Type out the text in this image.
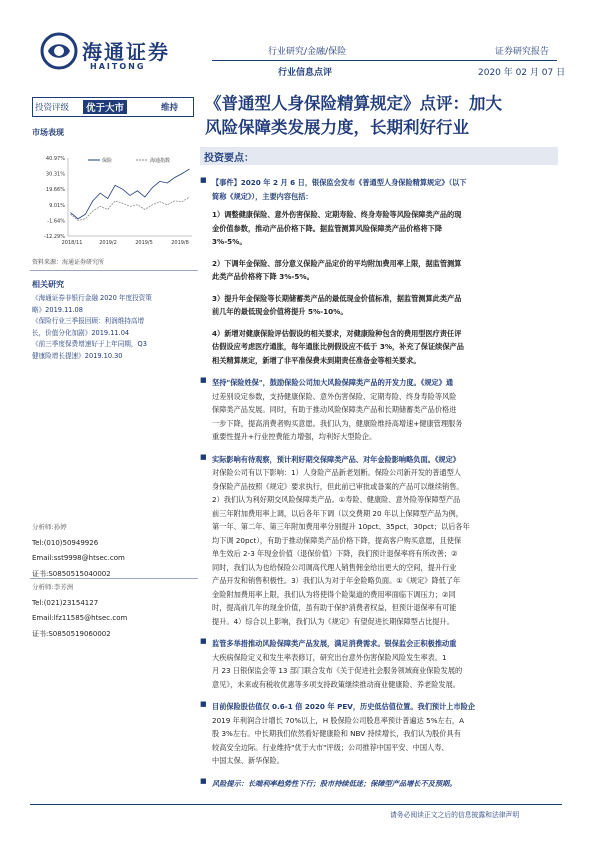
海通证券
HAITONG
行业研究/金融/保险	证券研究报告
行业信息点评	2020 年 02 月 07 日
投资评级	优于大市	维持 《普通型人身保险精算规定》点评：加大
风险保障类发展力度，长期利好行业
市场表现
40.97%
30.31%
19.66%
9.01%
-1.64%
-12.29%
2018/11	2019/2	2019/5	2019/8
保险	海通指数
资料来源：海通证券研究所
相关研究
《海通证券非银行金融 2020 年度投资策
略》2019.11.08
《保险行业三季报回顾：利润维持高增
长，价值分化加剧》2019.11.04
《前三季度保费增速好于上年同期，Q3
健康险增长提速》2019.10.30
分析师:孙婷
Tel:(010)50949926
Email:sst9998@htsec.com
证书:S0850515040002
分析师:李芳洲
Tel:(021)23154127
Email:lfz11585@htsec.com
证书:S0850519060002
投资要点：
■ 【事件】2020 年 2 月 6 日，银保监会发布《普通型人身保险精算规定》（以下
简称《规定》），主要内容包括：
1）调整健康保险、意外伤害保险、定期寿险、终身寿险等风险保障类产品的现
金价值参数，推动产品价格下降。据监管测算风险保障类产品价格将下降
3%-5%。
2）下调年金保险、部分意义保险产品定价的平均附加费用率上限，据监管测算
此类产品价格将下降 3%-5%。
3）提升年金保险等长期储蓄类产品的最低现金价值标准，据监管测算此类产品
前几年的最低现金价值将提升 5%-10%。
4）新增对健康保险评估假设的相关要求，对健康险种包含的费用型医疗责任评
估假设应考虑医疗通胀，每年通胀比例假设应不低于 3%，补充了保证续保产品
相关精算规定，新增了非平准保费未到期责任准备金等相关要求。
■ 坚持"保险姓保"，鼓励保险公司加大风险保障类产品的开发力度。《规定》通
过差别设定参数，支持健康保险、意外伤害保险、定期寿险、终身寿险等风险
保障类产品发展。同时，有助于推动风险保障类产品和长期储蓄类产品价格进
一步下降，提高消费者购买意愿。我们认为，健康险维持高增速+健康管理服务
重要性提升+行业控费能力增强，均利好大型险企。
■ 实际影响有待观察，预计利好期交保障类产品、对年金险影响略负面。《规定》
对保险公司有以下影响：1）人身险产品新老划断。保险公司新开发的普通型人
身保险产品按照《规定》要求执行，但此前已审批或备案的产品可以继续销售。
2）我们认为利好期交风险保障类产品。①寿险、健康险、意外险等保障型产品
前三年附加费用率上调，以后各年下调（以交费期 20 年以上保障型产品为例，
第一年、第二年、第三年附加费用率分别提升 10pct、35pct、30pct；以后各年
均下调 20pct），有助于推动保障类产品价格下降，提高客户购买意愿，且使保
单生效后 2-3 年现金价值（退保价值）下降，我们预计退保率将有所改善；②
同时，我们认为也给保险公司调高代理人销售佣金给出更大的空间，提升行业
产品开发和销售积极性。3）我们认为对于年金险略负面。①《规定》降低了年
金险附加费用率上限，我们认为将使得个险渠道的费用率面临下调压力；②同
时，提高前几年的现金价值，虽有助于保护消费者权益，但预计退保率有可能
提升。4）综合以上影响，我们认为《规定》有望促进长期保障型占比提升。
■ 监管多举措推动风险保障类产品发展，满足消费需求。银保监会正积极推动重
大疾病保险定义和发生率表修订，研究出台意外伤害保险风险发生率表。1
月 23 日银保监会等 13 部门联合发布《关于促进社会服务领域商业保险发展的
意见》，未来或有税收优惠等多项支持政策继续推动商业健康险、养老险发展。
■ 目前保险股估值仅 0.6-1 倍 2020 年 PEV，历史低估值位置。我们预计上市险企
2019 年利润合计增长 70%以上，H 股保险公司股息率预计普遍达 5%左右，A
股 3%左右。中长期我们依然看好健康险和 NBV 持续增长，我们认为股价具有
较高安全边际。行业维持"优于大市"评级；公司推荐中国平安、中国人寿、
中国太保、新华保险。
■ 风险提示：长端利率趋势性下行；股市持续低迷；保障型产品增长不及预期。
请务必阅读正文之后的信息披露和法律声明
